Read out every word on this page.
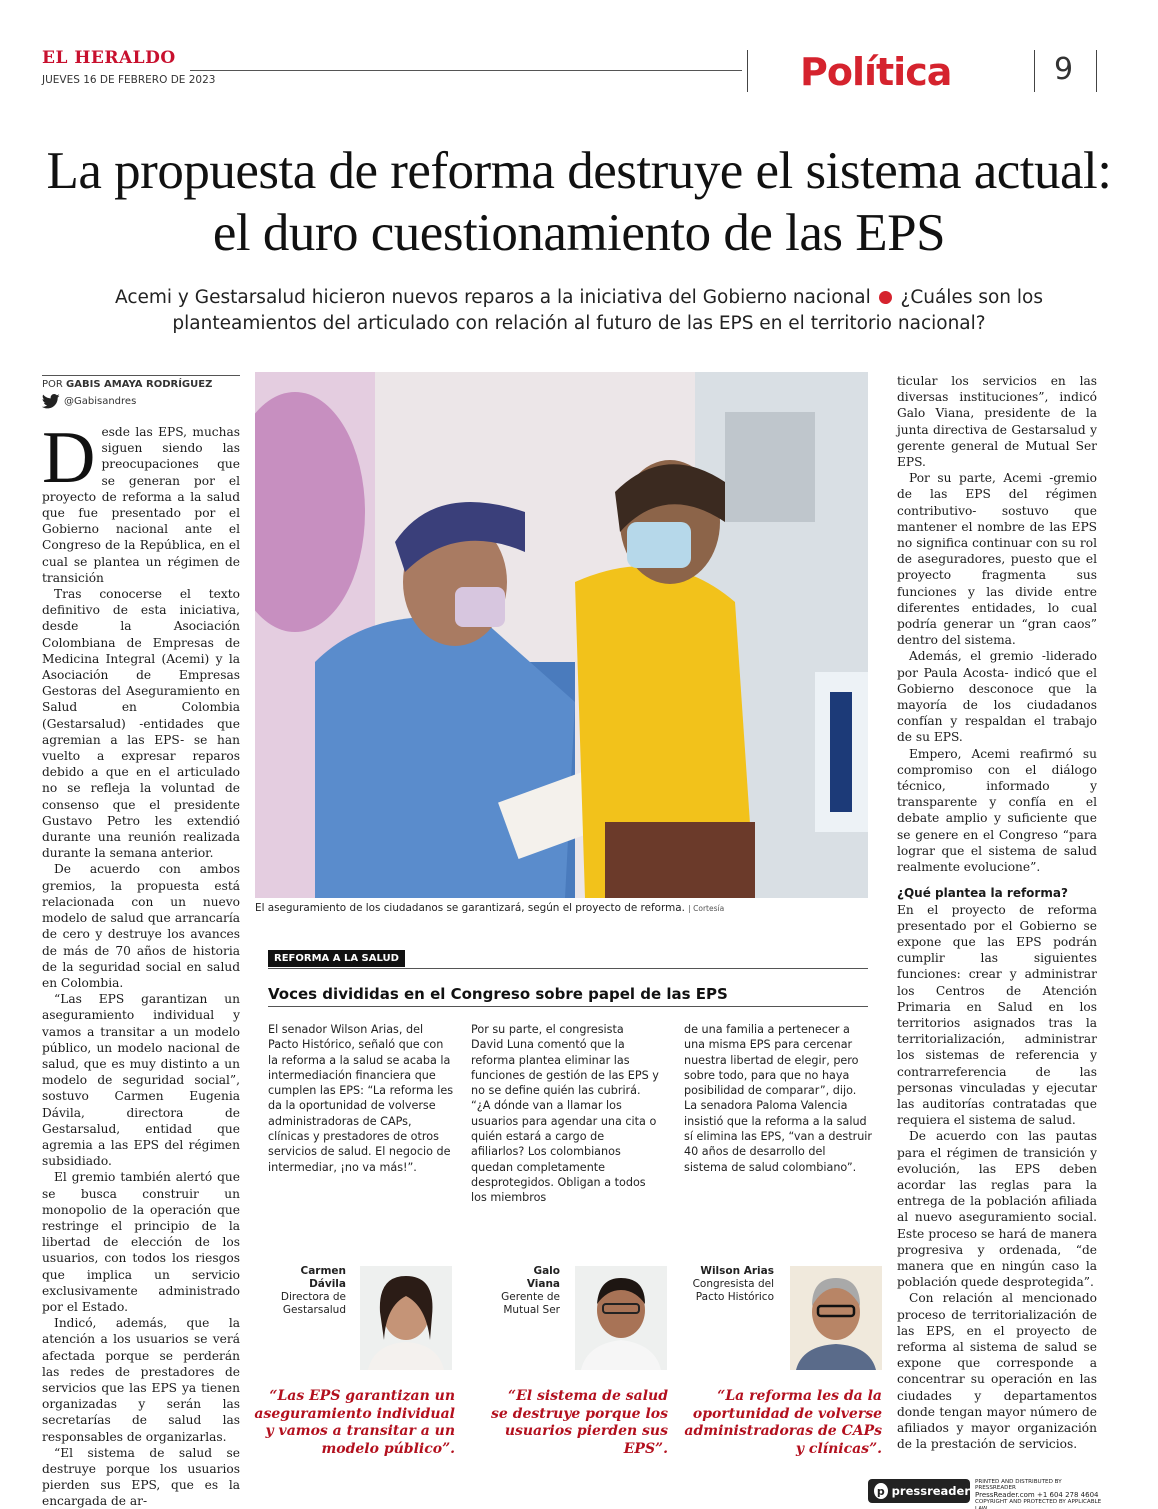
EL HERALDO
JUEVES 16 DE FEBRERO DE 2023	Política	9
La propuesta de reforma destruye el sistema actual: el duro cuestionamiento de las EPS
Acemi y Gestarsalud hicieron nuevos reparos a la iniciativa del Gobierno nacional ¿Cuáles son los planteamientos del articulado con relación al futuro de las EPS en el territorio nacional?
POR GABIS AMAYA RODRÍGUEZ
@Gabisandres

Desde las EPS, muchas siguen siendo las preocupaciones que se generan por el proyecto de reforma a la salud que fue presentado por el Gobierno nacional ante el Congreso de la República, en el cual se plantea un régimen de transición

Tras conocerse el texto definitivo de esta iniciativa, desde la Asociación Colombiana de Empresas de Medicina Integral (Acemi) y la Asociación de Empresas Gestoras del Aseguramiento en Salud en Colombia (Gestarsalud) -entidades que agremian a las EPS- se han vuelto a expresar reparos debido a que en el articulado no se refleja la voluntad de consenso que el presidente Gustavo Petro les extendió durante una reunión realizada durante la semana anterior.

De acuerdo con ambos gremios, la propuesta está relacionada con un nuevo modelo de salud que arrancaría de cero y destruye los avances de más de 70 años de historia de la seguridad social en salud en Colombia.

“Las EPS garantizan un aseguramiento individual y vamos a transitar a un modelo público, un modelo nacional de salud, que es muy distinto a un modelo de seguridad social”, sostuvo Carmen Eugenia Dávila, directora de Gestarsalud, entidad que agremia a las EPS del régimen subsidiado.

El gremio también alertó que se busca construir un monopolio de la operación que restringe el principio de la libertad de elección de los usuarios, con todos los riesgos que implica un servicio exclusivamente administrado por el Estado.

Indicó, además, que la atención a los usuarios se verá afectada porque se perderán las redes de prestadores de servicios que las EPS ya tienen organizadas y serán las secretarías de salud las responsables de organizarlas.

“El sistema de salud se destruye porque los usuarios pierden sus EPS, que es la encargada de ar-

El aseguramiento de los ciudadanos se garantizará, según el proyecto de reforma. | Cortesía
REFORMA A LA SALUD
Voces divididas en el Congreso sobre papel de las EPS

El senador Wilson Arias, del Pacto Histórico, señaló que con la reforma a la salud se acaba la intermediación financiera que cumplen las EPS: “La reforma les da la oportunidad de volverse administradoras de CAPs, clínicas y prestadores de otros servicios de salud. El negocio de intermediar, ¡no va más!”.

Por su parte, el congresista David Luna comentó que la reforma plantea eliminar las funciones de gestión de las EPS y no se define quién las cubrirá. “¿A dónde van a llamar los usuarios para agendar una cita o quién estará a cargo de afiliarlos? Los colombianos quedan completamente desprotegidos. Obligan a todos los miembros

de una familia a pertenecer a una misma EPS para cercenar nuestra libertad de elegir, pero sobre todo, para que no haya posibilidad de comparar”, dijo. La senadora Paloma Valencia insistió que la reforma a la salud sí elimina las EPS, “van a destruir 40 años de desarrollo del sistema de salud colombiano”.

Carmen
Dávila
Directora de
Gestarsalud
“Las EPS garantizan un aseguramiento individual y vamos a transitar a un modelo público”.
Galo
Viana
Gerente de
Mutual Ser
“El sistema de salud se destruye porque los usuarios pierden sus EPS”.
Wilson Arias
Congresista del
Pacto Histórico
“La reforma les da la oportunidad de volverse administradoras de CAPs y clínicas”.

ticular los servicios en las diversas instituciones”, indicó Galo Viana, presidente de la junta directiva de Gestarsalud y gerente general de Mutual Ser EPS.

Por su parte, Acemi -gremio de las EPS del régimen contributivo- sostuvo que mantener el nombre de las EPS no significa continuar con su rol de aseguradores, puesto que el proyecto fragmenta sus funciones y las divide entre diferentes entidades, lo cual podría generar un “gran caos” dentro del sistema.

Además, el gremio -liderado por Paula Acosta- indicó que el Gobierno desconoce que la mayoría de los ciudadanos confían y respaldan el trabajo de su EPS.

Empero, Acemi reafirmó su compromiso con el diálogo técnico, informado y transparente y confía en el debate amplio y suficiente que se genere en el Congreso “para lograr que el sistema de salud realmente evolucione”.

¿Qué plantea la reforma?

En el proyecto de reforma presentado por el Gobierno se expone que las EPS podrán cumplir las siguientes funciones: crear y administrar los Centros de Atención Primaria en Salud en los territorios asignados tras la territorialización, administrar los sistemas de referencia y contrarreferencia de las personas vinculadas y ejecutar las auditorías contratadas que requiera el sistema de salud.

De acuerdo con las pautas para el régimen de transición y evolución, las EPS deben acordar las reglas para la entrega de la población afiliada al nuevo aseguramiento social. Este proceso se hará de manera progresiva y ordenada, “de manera que en ningún caso la población quede desprotegida”.

Con relación al mencionado proceso de territorialización de las EPS, en el proyecto de reforma al sistema de salud se expone que corresponde a concentrar su operación en las ciudades y departamentos donde tengan mayor número de afiliados y mayor organización de la prestación de servicios.

p pressreader
PRINTED AND DISTRIBUTED BY PRESSREADER
PressReader.com +1 604 278 4604
COPYRIGHT AND PROTECTED BY APPLICABLE LAW
